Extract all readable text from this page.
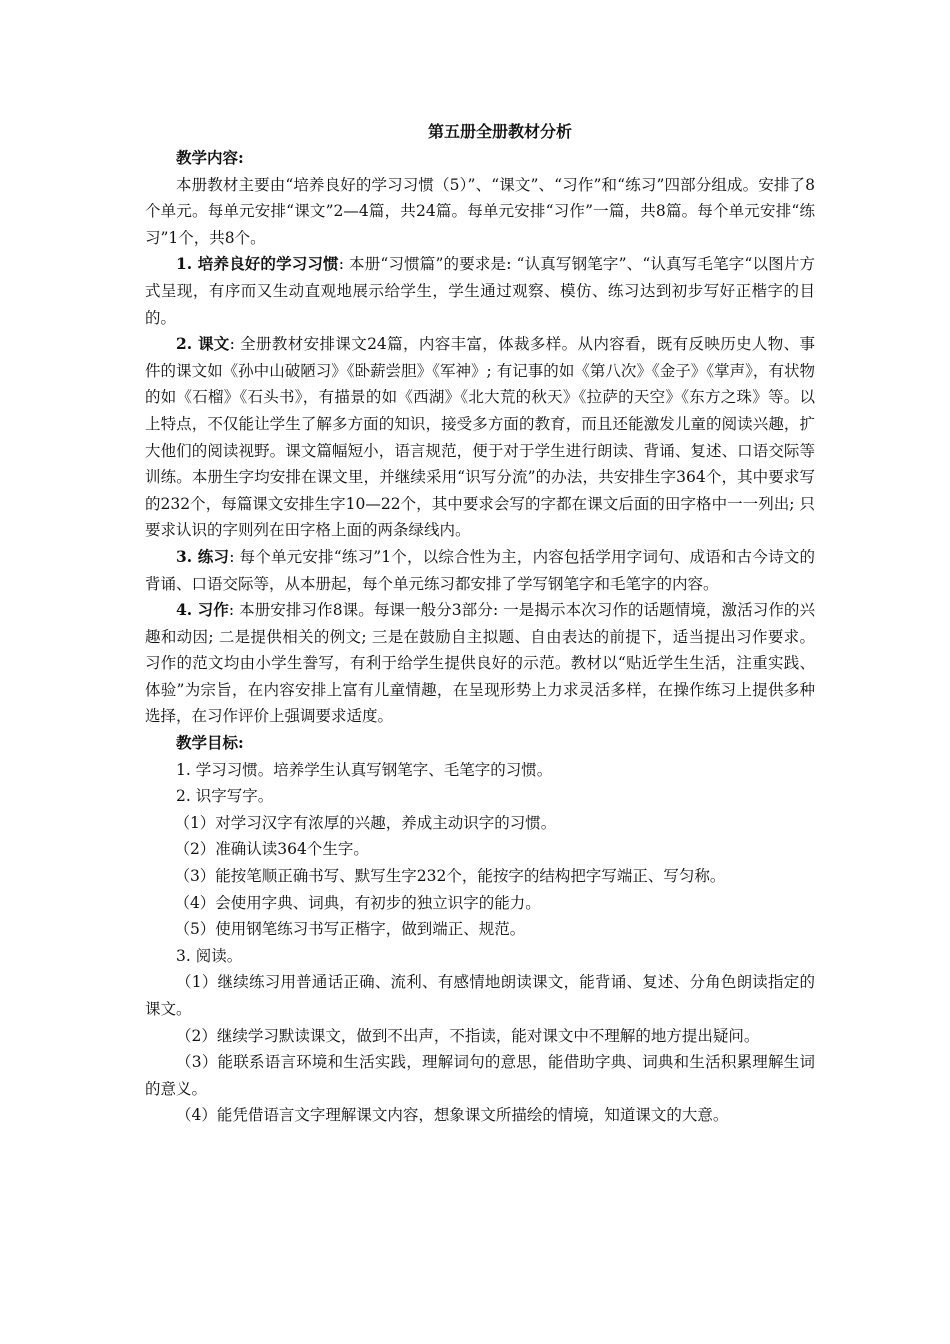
第五册全册教材分析

教学内容:

本册教材主要由“培养良好的学习习惯（5）”、“课文”、“习作”和“练习”四部分组成。安排了8个单元。每单元安排“课文”2—4篇，共24篇。每单元安排“习作”一篇，共8篇。每个单元安排“练习”1个，共8个。

1. 培养良好的学习习惯: 本册“习惯篇”的要求是: “认真写钢笔字”、“认真写毛笔字“以图片方式呈现，有序而又生动直观地展示给学生，学生通过观察、模仿、练习达到初步写好正楷字的目的。

2. 课文: 全册教材安排课文24篇，内容丰富，体裁多样。从内容看，既有反映历史人物、事件的课文如《孙中山破陋习》《卧薪尝胆》《军神》; 有记事的如《第八次》《金子》《掌声》，有状物的如《石榴》《石头书》，有描景的如《西湖》《北大荒的秋天》《拉萨的天空》《东方之珠》等。以上特点，不仅能让学生了解多方面的知识，接受多方面的教育，而且还能激发儿童的阅读兴趣，扩大他们的阅读视野。课文篇幅短小，语言规范，便于对于学生进行朗读、背诵、复述、口语交际等训练。本册生字均安排在课文里，并继续采用“识写分流”的办法，共安排生字364个，其中要求写的232个，每篇课文安排生字10—22个，其中要求会写的字都在课文后面的田字格中一一列出; 只要求认识的字则列在田字格上面的两条绿线内。

3. 练习: 每个单元安排“练习”1个，以综合性为主，内容包括学用字词句、成语和古今诗文的背诵、口语交际等，从本册起，每个单元练习都安排了学写钢笔字和毛笔字的内容。

4. 习作: 本册安排习作8课。每课一般分3部分: 一是揭示本次习作的话题情境，激活习作的兴趣和动因; 二是提供相关的例文; 三是在鼓励自主拟题、自由表达的前提下，适当提出习作要求。习作的范文均由小学生誊写，有利于给学生提供良好的示范。教材以“贴近学生生活，注重实践、体验”为宗旨，在内容安排上富有儿童情趣，在呈现形势上力求灵活多样，在操作练习上提供多种选择，在习作评价上强调要求适度。

教学目标:

1. 学习习惯。培养学生认真写钢笔字、毛笔字的习惯。

2. 识字写字。

（1）对学习汉字有浓厚的兴趣，养成主动识字的习惯。

（2）准确认读364个生字。

（3）能按笔顺正确书写、默写生字232个，能按字的结构把字写端正、写匀称。

（4）会使用字典、词典，有初步的独立识字的能力。

（5）使用钢笔练习书写正楷字，做到端正、规范。

3. 阅读。

（1）继续练习用普通话正确、流利、有感情地朗读课文，能背诵、复述、分角色朗读指定的课文。

（2）继续学习默读课文，做到不出声，不指读，能对课文中不理解的地方提出疑问。

（3）能联系语言环境和生活实践，理解词句的意思，能借助字典、词典和生活积累理解生词的意义。

（4）能凭借语言文字理解课文内容，想象课文所描绘的情境，知道课文的大意。
